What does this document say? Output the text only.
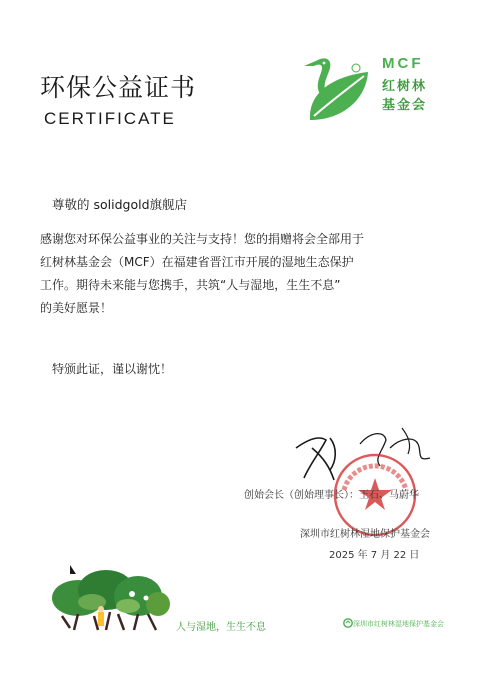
环保公益证书
CERTIFICATE
MCF
红树林
基金会
尊敬的 solidgold旗舰店

感谢您对环保公益事业的关注与支持！您的捐赠将会全部用于

红树林基金会（MCF）在福建省晋江市开展的湿地生态保护

工作。期待未来能与您携手，共筑“人与湿地，生生不息”

的美好愿景！

特颁此证，谨以谢忱！
创始会长（创始理事长）：王石、马蔚华
深圳市红树林湿地保护基金会
2025 年 7 月 22 日
人与湿地，生生不息	深圳市红树林湿地保护基金会
